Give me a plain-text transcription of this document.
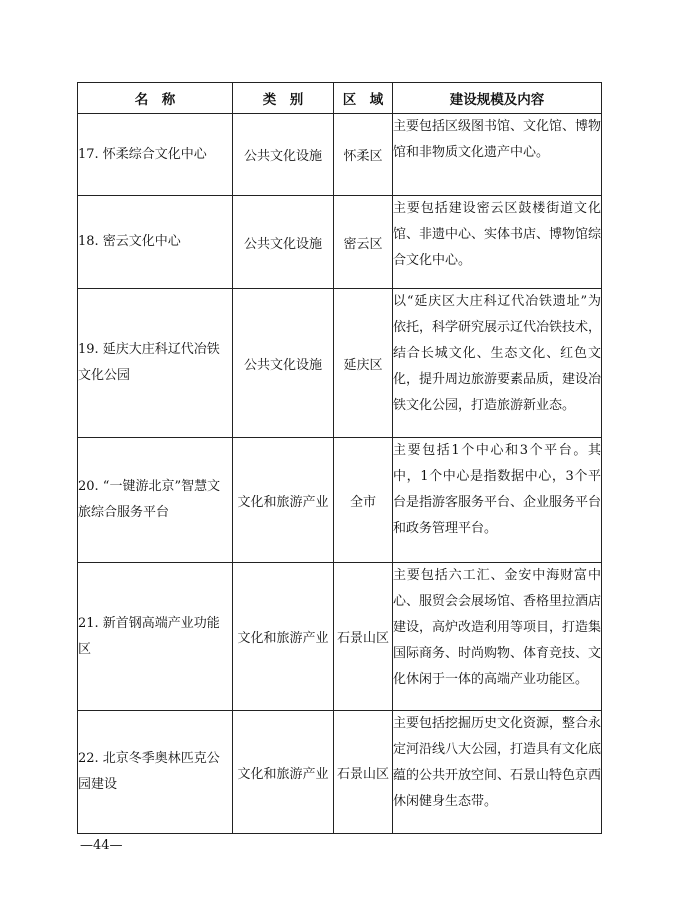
名　称	类　别	区　域	建设规模及内容
17. 怀柔综合文化中心	公共文化设施	怀柔区	主要包括区级图书馆、文化馆、博物馆和非物质文化遗产中心。
18. 密云文化中心	公共文化设施	密云区	主要包括建设密云区鼓楼街道文化馆、非遗中心、实体书店、博物馆综合文化中心。
19. 延庆大庄科辽代冶铁文化公园	公共文化设施	延庆区	以“延庆区大庄科辽代冶铁遗址”为依托，科学研究展示辽代冶铁技术，结合长城文化、生态文化、红色文化，提升周边旅游要素品质，建设冶铁文化公园，打造旅游新业态。
20. “一键游北京”智慧文旅综合服务平台	文化和旅游产业	全市	主要包括1个中心和3个平台。其中，1个中心是指数据中心，3个平台是指游客服务平台、企业服务平台和政务管理平台。
21. 新首钢高端产业功能区	文化和旅游产业	石景山区	主要包括六工汇、金安中海财富中心、服贸会会展场馆、香格里拉酒店建设，高炉改造利用等项目，打造集国际商务、时尚购物、体育竞技、文化休闲于一体的高端产业功能区。
22. 北京冬季奥林匹克公园建设	文化和旅游产业	石景山区	主要包括挖掘历史文化资源，整合永定河沿线八大公园，打造具有文化底蕴的公共开放空间、石景山特色京西休闲健身生态带。
—44—
